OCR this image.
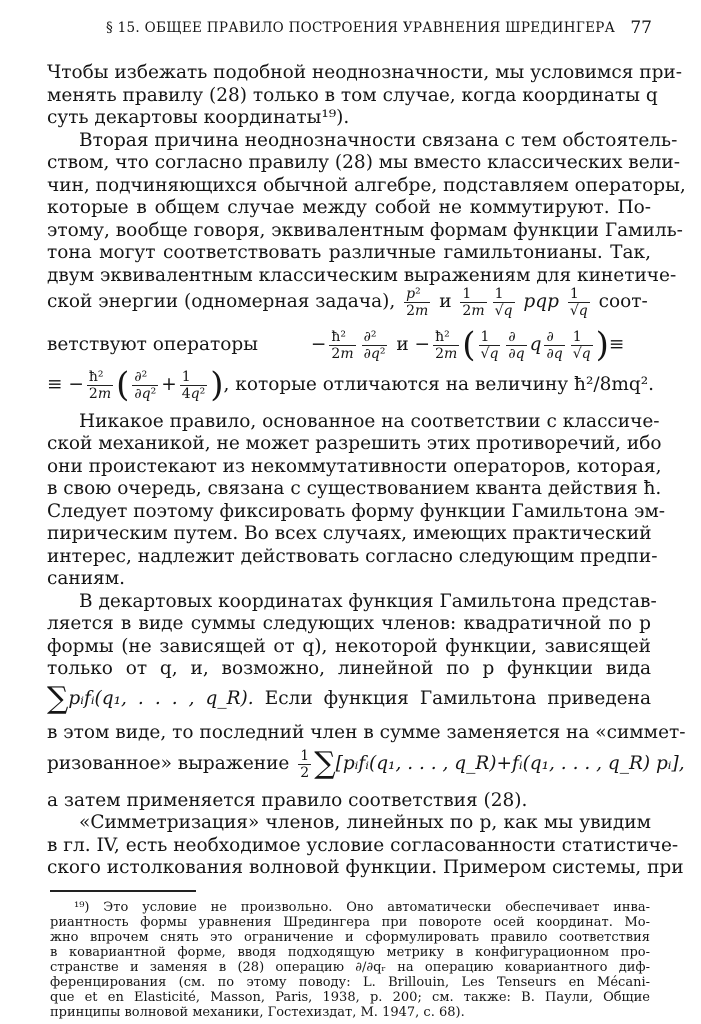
§ 15. ОБЩЕЕ ПРАВИЛО ПОСТРОЕНИЯ УРАВНЕНИЯ ШРЕДИНГЕРА 77
Чтобы избежать подобной неоднозначности, мы условимся при-
менять правилу (28) только в том случае, когда координаты q
суть декартовы координаты¹⁹).
Вторая причина неоднозначности связана с тем обстоятель-
ством, что согласно правилу (28) мы вместо классических вели-
чин, подчиняющихся обычной алгебре, подставляем операторы,
которые в общем случае между собой не коммутируют. По-
этому, вообще говоря, эквивалентным формам функции Гамиль-
тона могут соответствовать различные гамильтонианы. Так,
двум эквивалентным классическим выражениям для кинетиче-
ской энергии (одномерная задача), $\frac{\text{p²}}{2m}$ и $\frac{1}{2m} \frac{1}{√q}$ pqp $\frac{1}{√q}$ соот-
ветствуют операторы         − $\frac{\text{ħ²}}{2m} \frac{\text{∂²}}{\text{∂q²}}$ $и - \frac{\text{ħ²}}{2m}$ ( $\frac{1}{√q} \frac{\partial}{\partial q}$ q $\frac{\partial}{\partial q} \frac{1}{√q}$ )≡
≡ − $\frac{\text{ħ²}}{2m}$ ( $\frac{\text{∂²}}{\text{∂q²}} + \frac{1}{\text{4q²}}$ ), которые отличаются на величину ħ²/8mq².
Никакое правило, основанное на соответствии с классиче-
ской механикой, не может разрешить этих противоречий, ибо
они проистекают из некоммутативности операторов, которая,
в свою очередь, связана с существованием кванта действия ħ.
Следует поэтому фиксировать форму функции Гамильтона эм-
пирическим путем. Во всех случаях, имеющих практический
интерес, надлежит действовать согласно следующим предпи-
саниям.
В декартовых координатах функция Гамильтона представ-
ляется в виде суммы следующих членов: квадратичной по p
формы (не зависящей от q), некоторой функции, зависящей
только от q, и, возможно, линейной по p функции вида
∑pᵢfᵢ(q₁, . . . , q_R). Если функция Гамильтона приведена
в этом виде, то последний член в сумме заменяется на «симмет-
ризованное» выражение $\frac{1}{2}$ ∑[pᵢfᵢ(q₁, . . . , q_R)+fᵢ(q₁, . . . , q_R) pᵢ],
а затем применяется правило соответствия (28).
«Симметризация» членов, линейных по p, как мы увидим
в гл. IV, есть необходимое условие согласованности статистиче-
ского истолкования волновой функции. Примером системы, при
¹⁹) Это условие не произвольно. Оно автоматически обеспечивает инва-
риантность формы уравнения Шредингера при повороте осей координат. Мо-
жно впрочем снять это ограничение и сформулировать правило соответствия
в ковариантной форме, вводя подходящую метрику в конфигурационном про-
странстве и заменяя в (28) операцию ∂/∂qᵣ на операцию ковариантного диф-
ференцирования (см. по этому поводу: L. Brillouin, Les Tenseurs en Mécani-
que et en Elasticité, Masson, Paris, 1938, p. 200; см. также: В. Паули, Общие
принципы волновой механики, Гостехиздат, М. 1947, с. 68).
